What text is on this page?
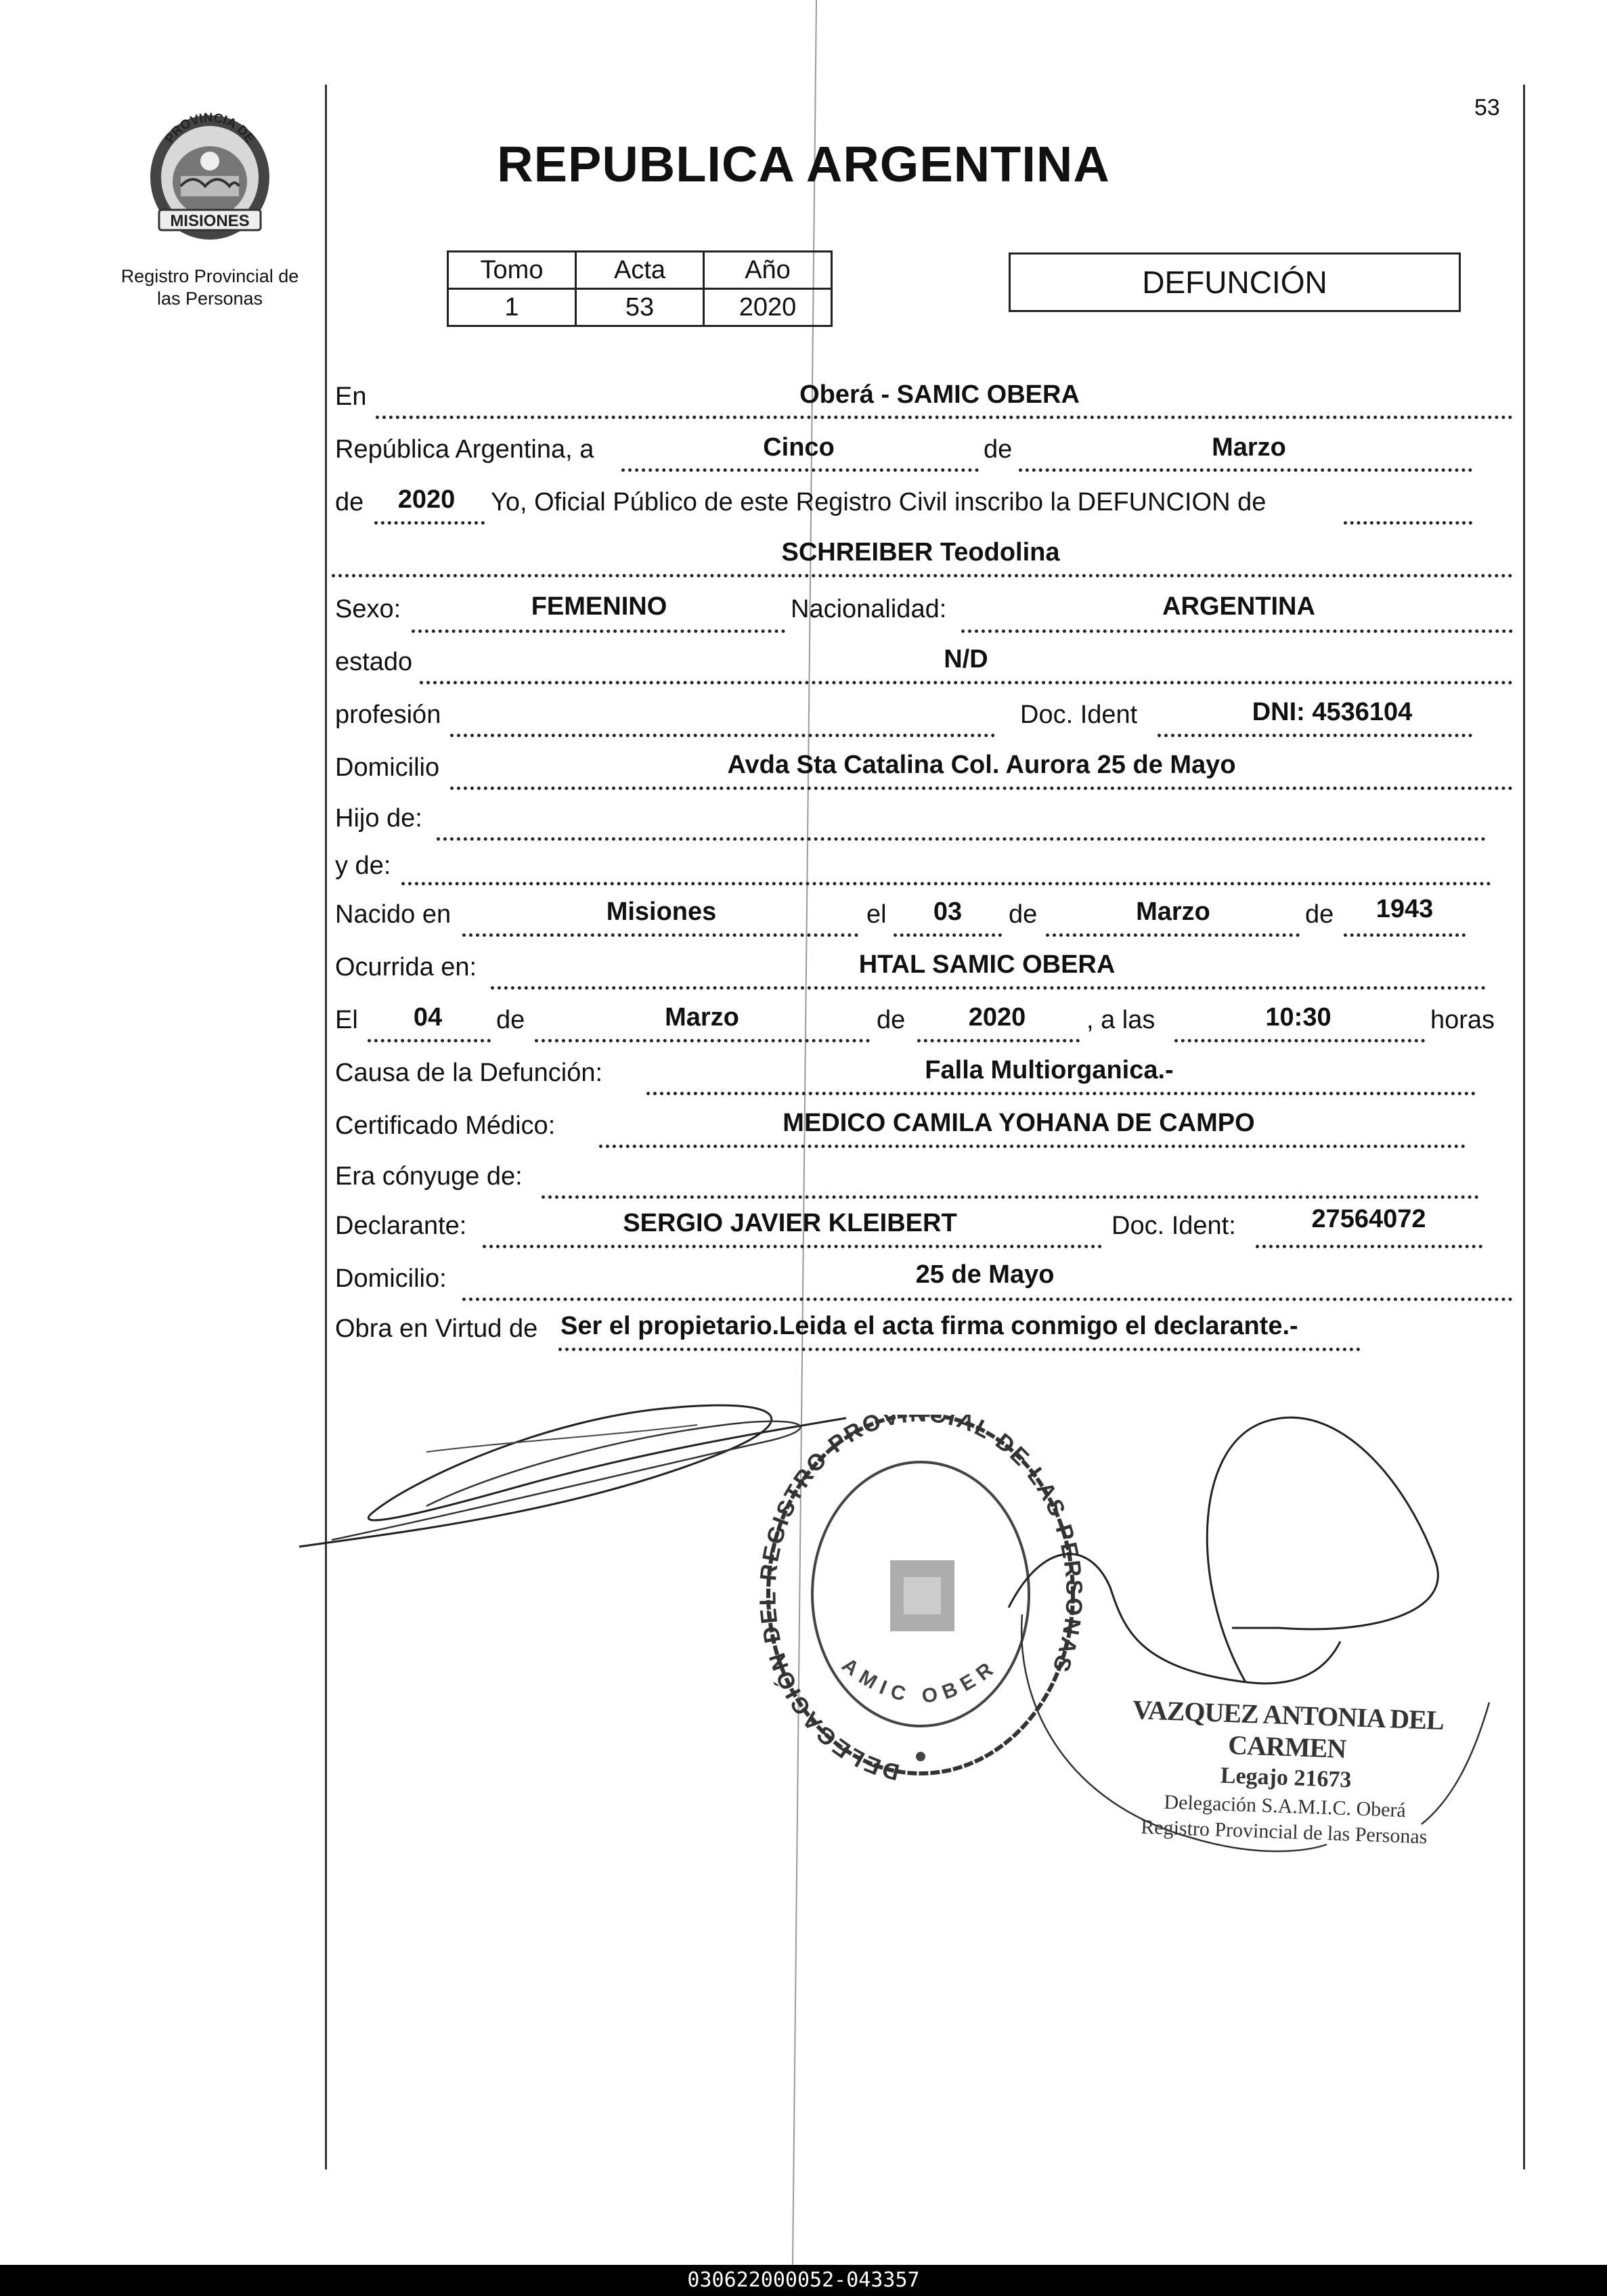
PROVINCIA DE
MISIONES
Registro Provincial de
las Personas
53
REPUBLICA ARGENTINA
Tomo	Acta	Año
1	53	2020
DEFUNCIÓN
En	Oberá - SAMIC OBERA
República Argentina, a	Cinco	de	Marzo
de 2020 Yo, Oficial Público de este Registro Civil inscribo la DEFUNCION de
SCHREIBER Teodolina
Sexo:	FEMENINO	Nacionalidad:	ARGENTINA
estado	N/D
profesión	Doc. Ident	DNI: 4536104
Domicilio	Avda Sta Catalina Col. Aurora 25 de Mayo
Hijo de:
y de:
Nacido en	Misiones	el 03 de	Marzo	de 1943
Ocurrida en:	HTAL SAMIC OBERA
El 04 de	Marzo	de 2020 , a las	10:30	horas
Causa de la Defunción:	Falla Multiorganica.-
Certificado Médico:	MEDICO CAMILA YOHANA DE CAMPO
Era cónyuge de:
Declarante:	SERGIO JAVIER KLEIBERT	Doc. Ident:	27564072
Domicilio:	25 de Mayo
Obra en Virtud de Ser el propietario.Leida el acta firma conmigo el declarante.-
DELEGACIÓN D REGISTRO PROVI CIAL DE LAS PE NAS
AMIC OBER
VAZQUEZ ANTONIA DEL CARMEN
Legajo 21673
Delegación S.A.M.I.C. Oberá
Registro Provincial de las Personas
030622000052-043357
